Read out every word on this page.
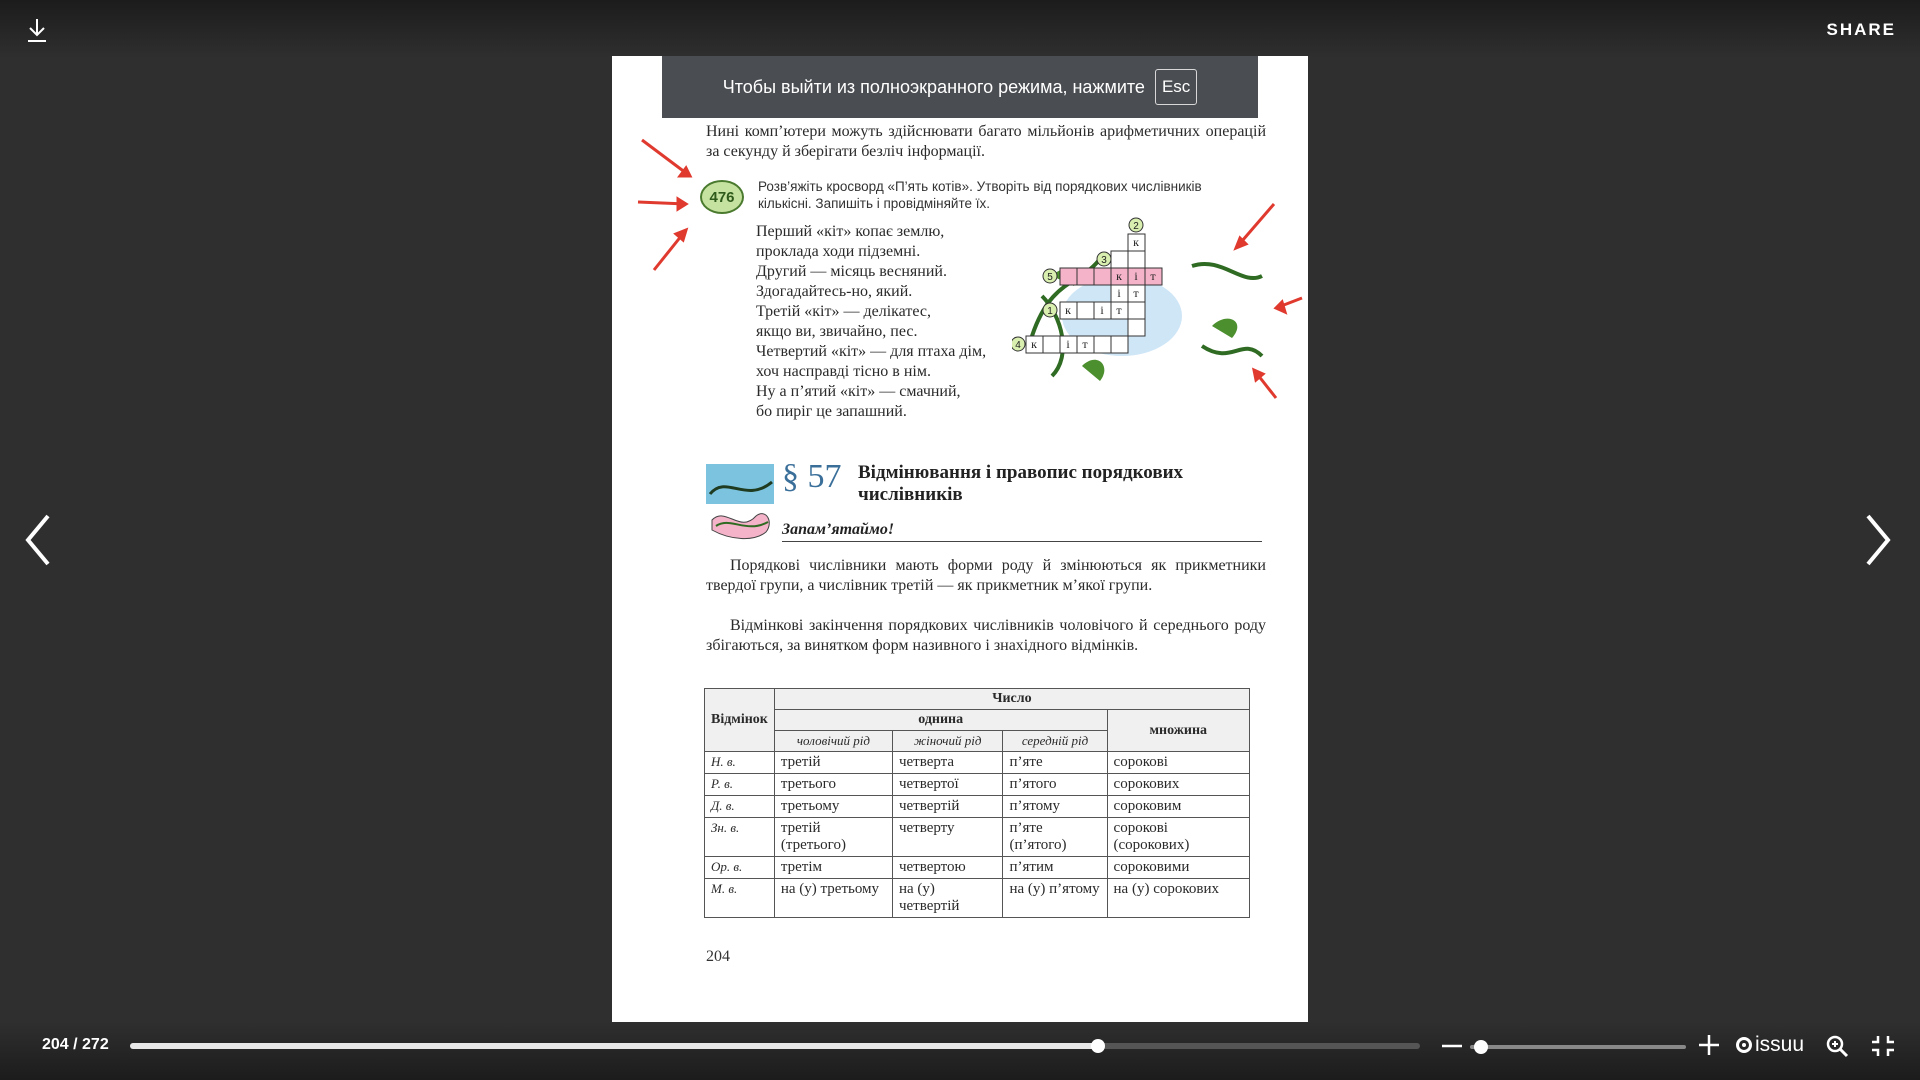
SHARE
Чтобы выйти из полноэкранного режима, нажмите	Esc
Нині комп’ютери можуть здійснювати багато мільйонів арифметичних операцій за секунду й зберігати безліч інформації.
476
Розв’яжіть кросворд «П’ять котів». Утворіть від порядкових числівників кількісні. Запишіть і провідміняйте їх.
Перший «кіт» копає землю,
проклада ходи підземні.
Другий — місяць весняний.
Здогадайтесь-но, який.
Третій «кіт» — делікатес,
якщо ви, звичайно, пес.
Четвертий «кіт» — для птаха дім,
хоч насправді тісно в нім.
Ну а п’ятий «кіт» — смачний,
бо пиріг це запашний.
к
к і т
і т
к і т
к і т
2
3
5
1
4
§ 57 Відмінювання і правопис порядкових числівників
Запам’ятаймо!
Порядкові числівники мають форми роду й змінюються як прикметники твердої групи, а числівник третій — як прикметник м’якої групи.
Відмінкові закінчення порядкових числівників чоловічого й середнього роду збігаються, за винятком форм називного і знахідного відмінків.
Відмінок	Число			
	однина			множина
	чоловічий рід	жіночий рід	середній рід	
Н. в.	третій	четверта	п’яте	сорокові
Р. в.	третього	четвертої	п’ятого	сорокових
Д. в.	третьому	четвертій	п’ятому	сороковим
Зн. в.	третій (третього)	четверту	п’яте (п’ятого)	сорокові (сорокових)
Ор. в.	третім	четвертою	п’ятим	сороковими
М. в.	на (у) третьому	на (у) четвертій	на (у) п’ятому	на (у) сорокових
204
204 / 272	issuu
